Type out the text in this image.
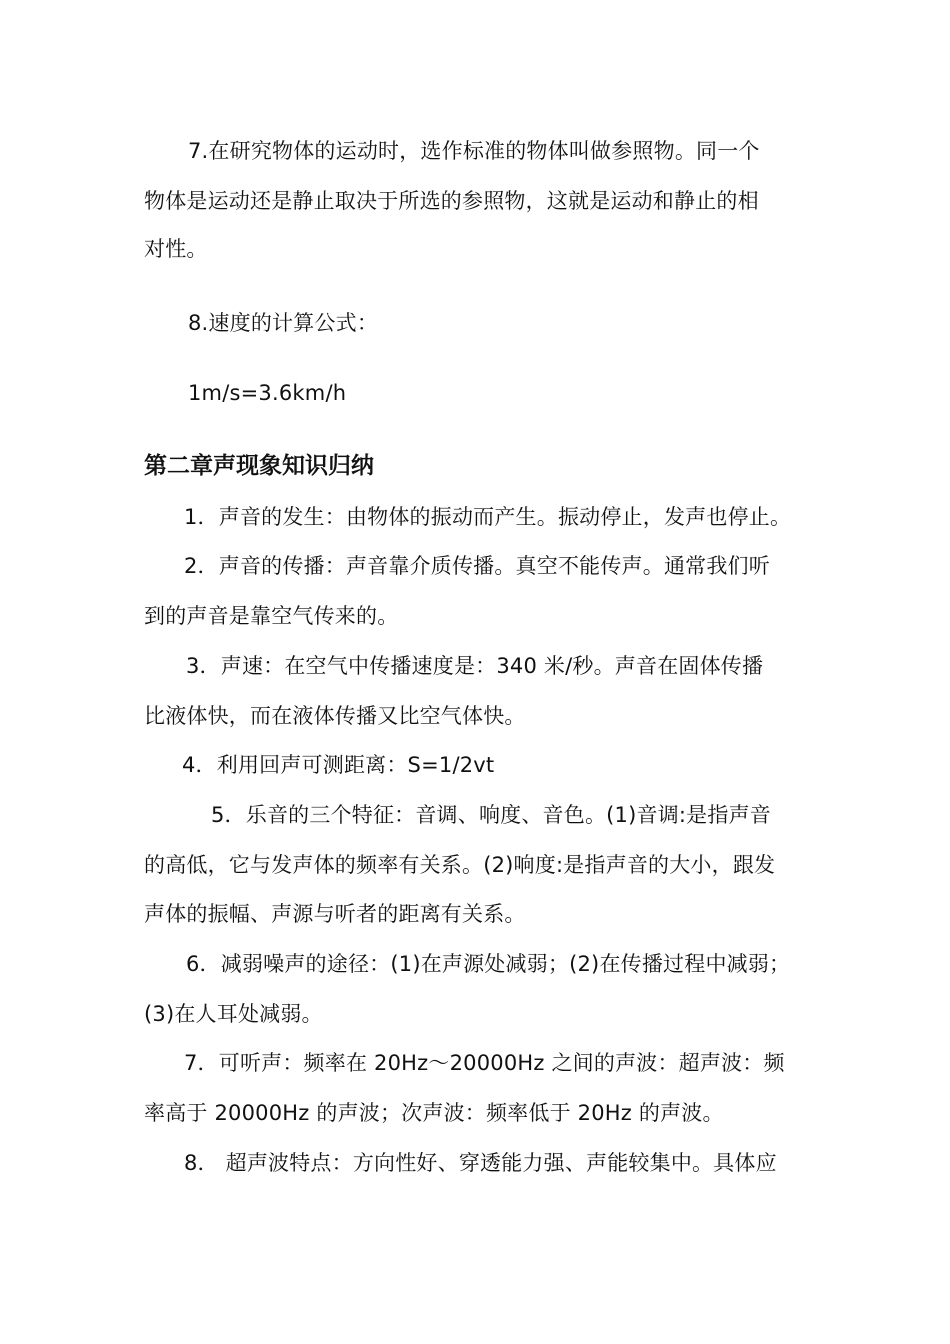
7.在研究物体的运动时，选作标准的物体叫做参照物。同一个
物体是运动还是静止取决于所选的参照物，这就是运动和静止的相
对性。
8.速度的计算公式：
1m/s=3.6km/h
第二章声现象知识归纳
1．声音的发生：由物体的振动而产生。振动停止，发声也停止。
2．声音的传播：声音靠介质传播。真空不能传声。通常我们听
到的声音是靠空气传来的。
3．声速：在空气中传播速度是：340 米/秒。声音在固体传播
比液体快，而在液体传播又比空气体快。
4．利用回声可测距离：S=1/2vt
5．乐音的三个特征：音调、响度、音色。(1)音调:是指声音
的高低，它与发声体的频率有关系。(2)响度:是指声音的大小，跟发
声体的振幅、声源与听者的距离有关系。
6．减弱噪声的途径：(1)在声源处减弱；(2)在传播过程中减弱；
(3)在人耳处减弱。
7．可听声：频率在 20Hz～20000Hz 之间的声波：超声波：频
率高于 20000Hz 的声波；次声波：频率低于 20Hz 的声波。
8． 超声波特点：方向性好、穿透能力强、声能较集中。具体应
